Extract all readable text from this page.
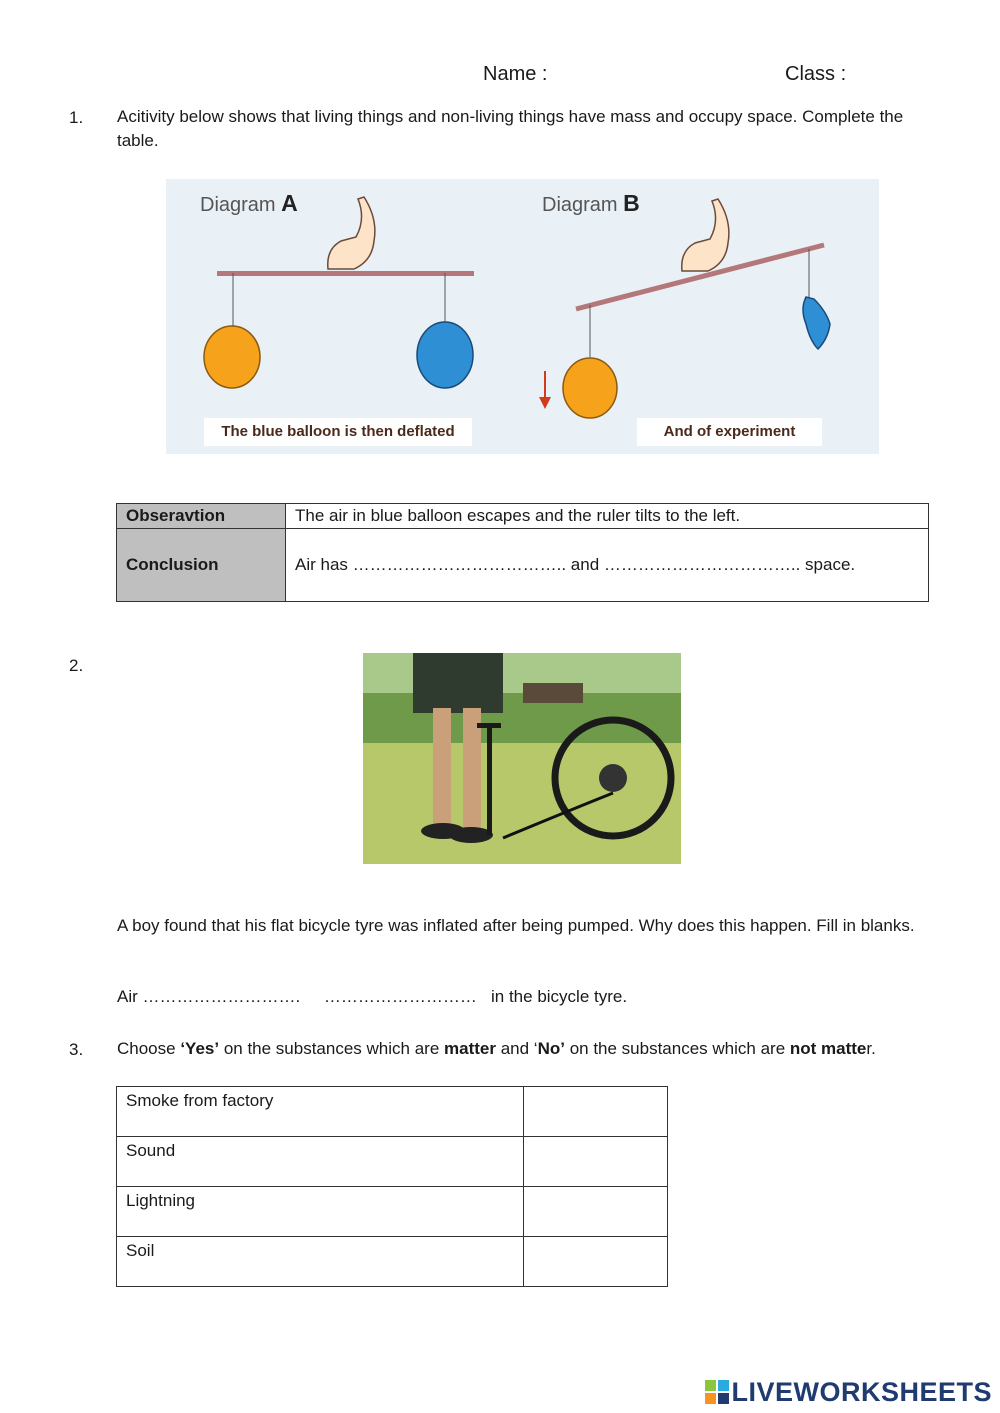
Name :	Class :
1. Acitivity below shows that living things and non-living things have mass and occupy space. Complete the table.
Diagram A	Diagram B
The blue balloon is then deflated	And of experiment
Obseravtion	The air in blue balloon escapes and the ruler tilts to the left.
Conclusion	Air has ……………………………….. and …………………………….. space.
2.
A boy found that his flat bicycle tyre was inflated after being pumped. Why does this happen. Fill in blanks.
Air ……………………….     ………………………   in the bicycle tyre.
3. Choose ‘Yes’ on the substances which are matter and ‘No’ on the substances which are not matter.
Smoke from factory	
Sound	
Lightning	
Soil	
LIVEWORKSHEETS
